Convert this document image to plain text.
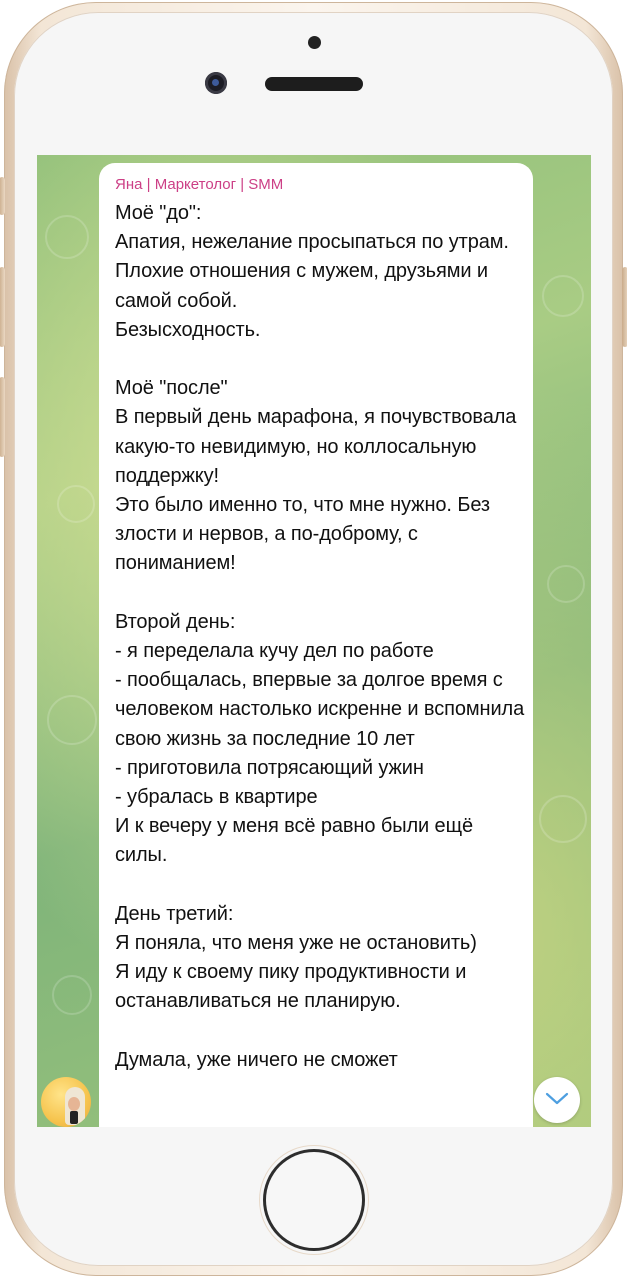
Яна | Маркетолог | SMM
Моё "до":
Апатия, нежелание просыпаться по утрам. Плохие отношения с мужем, друзьями и самой собой.
Безысходность.

Моё "после"
В первый день марафона, я почувствовала какую-то невидимую, но коллосальную поддержку!
Это было именно то, что мне нужно. Без злости и нервов, а по-доброму, с пониманием!

Второй день:
- я переделала кучу дел по работе
- пообщалась, впервые за долгое время с человеком настолько искренне и вспомнила свою жизнь за последние 10 лет
- приготовила потрясающий ужин
- убралась в квартире
И к вечеру у меня всё равно были ещё силы.

День третий:
Я поняла, что меня уже не остановить)
Я иду к своему пику продуктивности и останавливаться не планирую.

Думала, уже ничего не сможет
